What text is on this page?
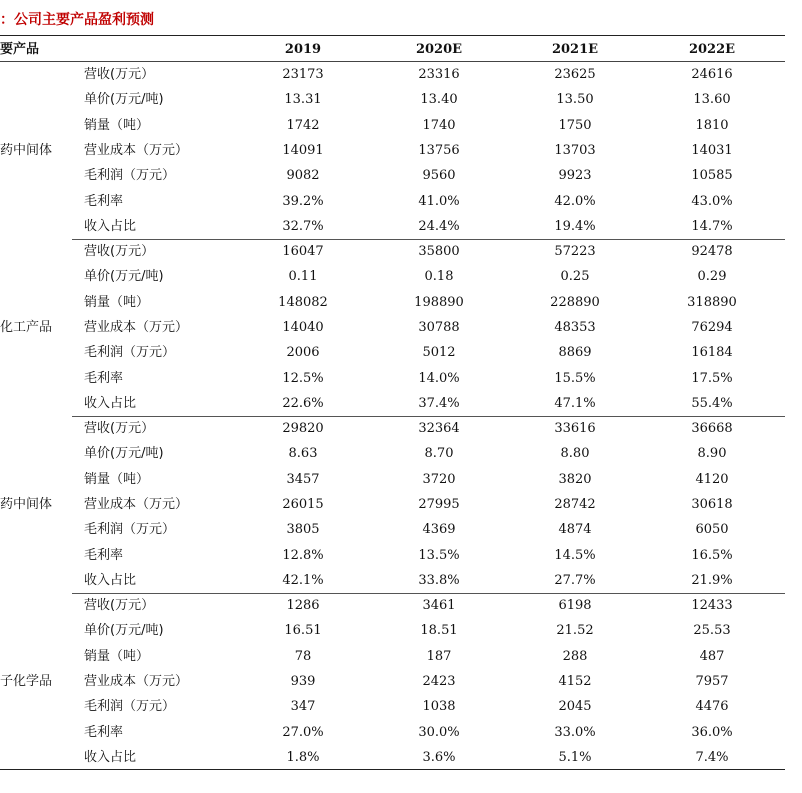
：公司主要产品盈利预测
要产品	2019	2020E	2021E	2022E
药中间体
营收(万元）	23173	23316	23625	24616
单价(万元/吨)	13.31	13.40	13.50	13.60
销量（吨）	1742	1740	1750	1810
营业成本（万元）	14091	13756	13703	14031
毛利润（万元）	9082	9560	9923	10585
毛利率	39.2%	41.0%	42.0%	43.0%
收入占比	32.7%	24.4%	19.4%	14.7%
化工产品
营收(万元）	16047	35800	57223	92478
单价(万元/吨)	0.11	0.18	0.25	0.29
销量（吨）	148082	198890	228890	318890
营业成本（万元）	14040	30788	48353	76294
毛利润（万元）	2006	5012	8869	16184
毛利率	12.5%	14.0%	15.5%	17.5%
收入占比	22.6%	37.4%	47.1%	55.4%
药中间体
营收(万元）	29820	32364	33616	36668
单价(万元/吨)	8.63	8.70	8.80	8.90
销量（吨）	3457	3720	3820	4120
营业成本（万元）	26015	27995	28742	30618
毛利润（万元）	3805	4369	4874	6050
毛利率	12.8%	13.5%	14.5%	16.5%
收入占比	42.1%	33.8%	27.7%	21.9%
子化学品
营收(万元）	1286	3461	6198	12433
单价(万元/吨)	16.51	18.51	21.52	25.53
销量（吨）	78	187	288	487
营业成本（万元）	939	2423	4152	7957
毛利润（万元）	347	1038	2045	4476
毛利率	27.0%	30.0%	33.0%	36.0%
收入占比	1.8%	3.6%	5.1%	7.4%
